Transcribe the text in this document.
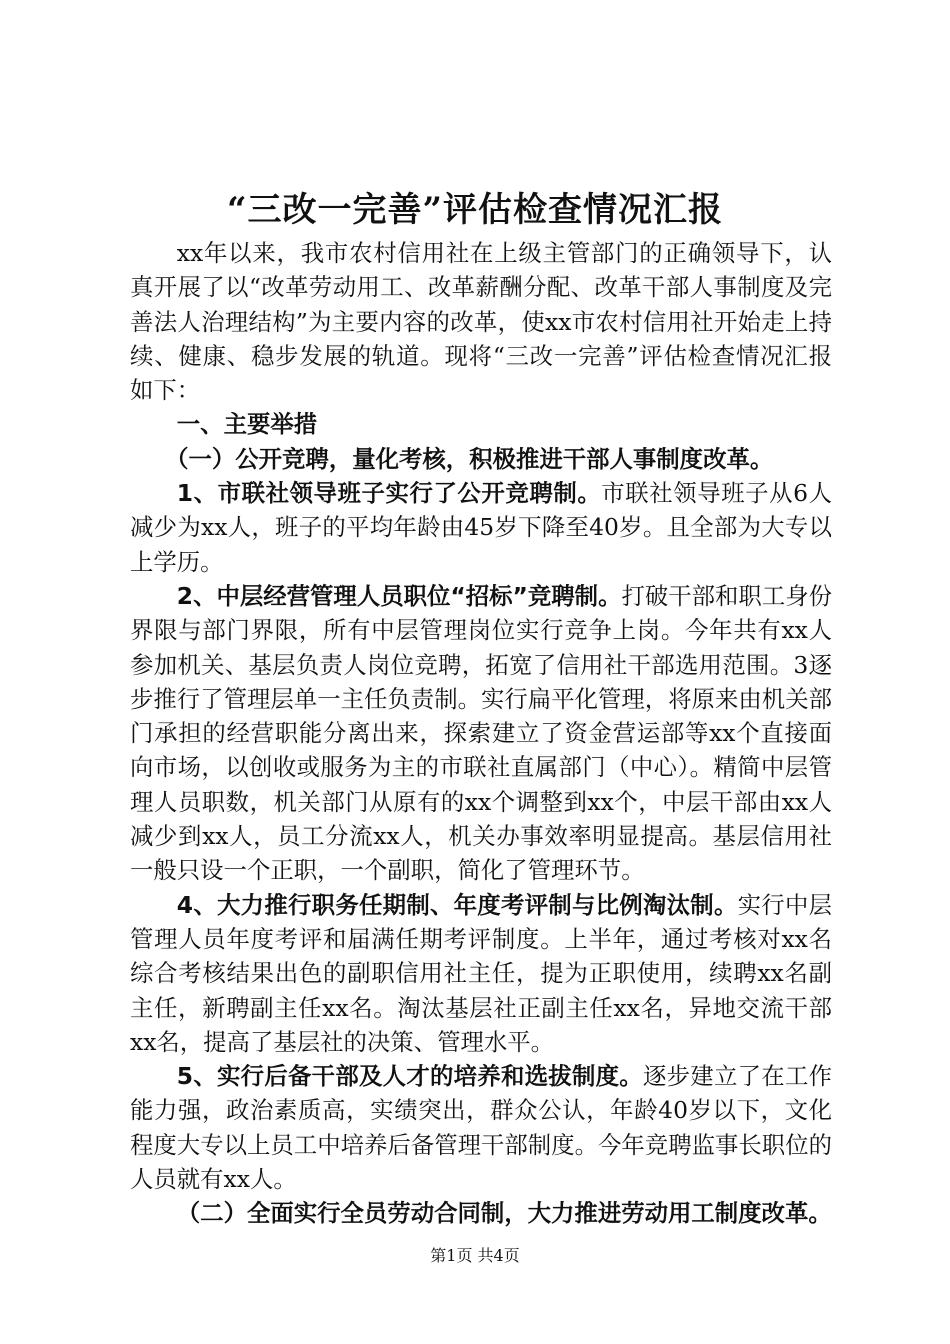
“三改一完善”评估检查情况汇报

xx年以来，我市农村信用社在上级主管部门的正确领导下，认真开展了以“改革劳动用工、改革薪酬分配、改革干部人事制度及完善法人治理结构”为主要内容的改革，使xx市农村信用社开始走上持续、健康、稳步发展的轨道。现将“三改一完善”评估检查情况汇报如下：

一、主要举措

（一）公开竞聘，量化考核，积极推进干部人事制度改革。

1、市联社领导班子实行了公开竞聘制。市联社领导班子从6人减少为xx人，班子的平均年龄由45岁下降至40岁。且全部为大专以上学历。

2、中层经营管理人员职位“招标”竞聘制。打破干部和职工身份界限与部门界限，所有中层管理岗位实行竞争上岗。今年共有xx人参加机关、基层负责人岗位竞聘，拓宽了信用社干部选用范围。3逐步推行了管理层单一主任负责制。实行扁平化管理，将原来由机关部门承担的经营职能分离出来，探索建立了资金营运部等xx个直接面向市场，以创收或服务为主的市联社直属部门（中心）。精简中层管理人员职数，机关部门从原有的xx个调整到xx个，中层干部由xx人减少到xx人，员工分流xx人，机关办事效率明显提高。基层信用社一般只设一个正职，一个副职，简化了管理环节。

4、大力推行职务任期制、年度考评制与比例淘汰制。实行中层管理人员年度考评和届满任期考评制度。上半年，通过考核对xx名综合考核结果出色的副职信用社主任，提为正职使用，续聘xx名副主任，新聘副主任xx名。淘汰基层社正副主任xx名，异地交流干部xx名，提高了基层社的决策、管理水平。

5、实行后备干部及人才的培养和选拔制度。逐步建立了在工作能力强，政治素质高，实绩突出，群众公认，年龄40岁以下，文化程度大专以上员工中培养后备管理干部制度。今年竞聘监事长职位的人员就有xx人。

（二）全面实行全员劳动合同制，大力推进劳动用工制度改革。

第1页 共4页
